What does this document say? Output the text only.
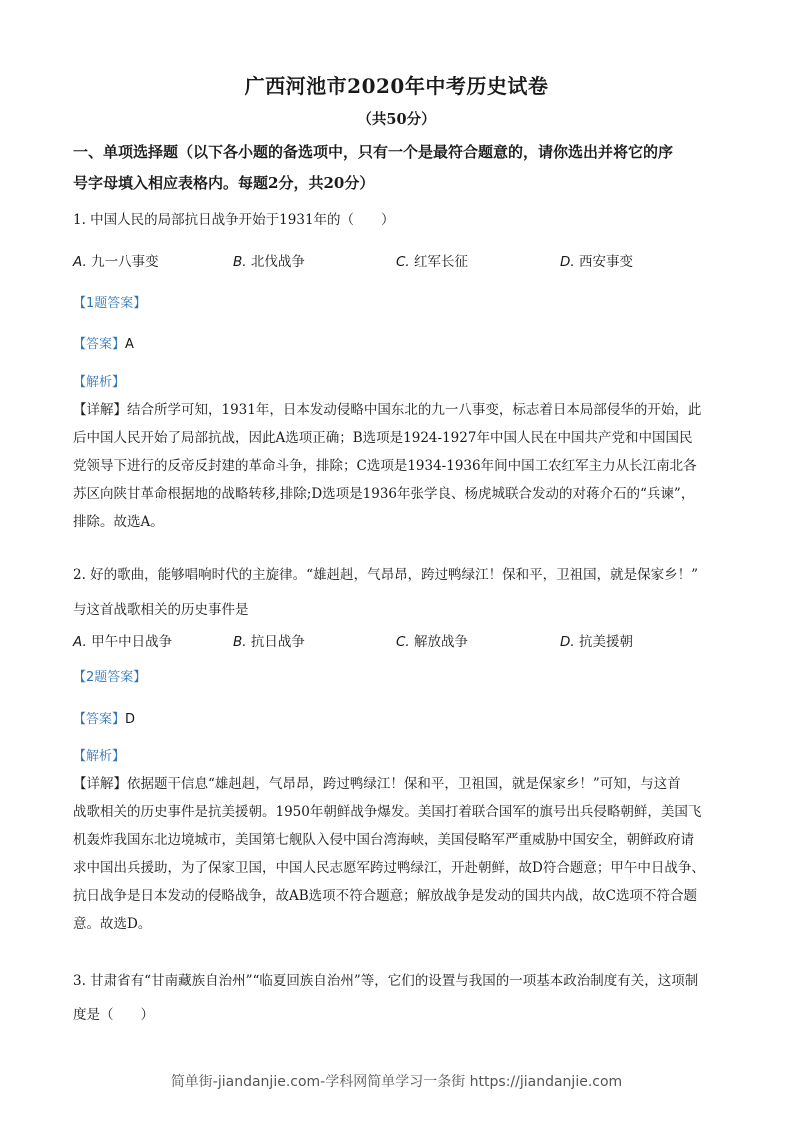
广西河池市2020年中考历史试卷
（共50分）
一、单项选择题（以下各小题的备选项中，只有一个是最符合题意的，请你选出并将它的序
号字母填入相应表格内。每题2分，共20分）
1. 中国人民的局部抗日战争开始于1931年的（　　）
A. 九一八事变	B. 北伐战争	C. 红军长征	D. 西安事变
【1题答案】
【答案】A
【解析】
【详解】结合所学可知，1931年，日本发动侵略中国东北的九一八事变，标志着日本局部侵华的开始，此
后中国人民开始了局部抗战，因此A选项正确；B选项是1924-1927年中国人民在中国共产党和中国国民
党领导下进行的反帝反封建的革命斗争，排除；C选项是1934-1936年间中国工农红军主力从长江南北各
苏区向陕甘革命根据地的战略转移,排除;D选项是1936年张学良、杨虎城联合发动的对蒋介石的“兵谏”，
排除。故选A。
2. 好的歌曲，能够唱响时代的主旋律。“雄赳赳，气昂昂，跨过鸭绿江！保和平，卫祖国，就是保家乡！”
与这首战歌相关的历史事件是
A. 甲午中日战争	B. 抗日战争	C. 解放战争	D. 抗美援朝
【2题答案】
【答案】D
【解析】
【详解】依据题干信息“雄赳赳，气昂昂，跨过鸭绿江！保和平，卫祖国，就是保家乡！”可知，与这首
战歌相关的历史事件是抗美援朝。1950年朝鲜战争爆发。美国打着联合国军的旗号出兵侵略朝鲜，美国飞
机轰炸我国东北边境城市，美国第七舰队入侵中国台湾海峡，美国侵略军严重威胁中国安全，朝鲜政府请
求中国出兵援助，为了保家卫国，中国人民志愿军跨过鸭绿江，开赴朝鲜，故D符合题意；甲午中日战争、
抗日战争是日本发动的侵略战争，故AB选项不符合题意；解放战争是发动的国共内战，故C选项不符合题
意。故选D。
3. 甘肃省有“甘南藏族自治州”“临夏回族自治州”等，它们的设置与我国的一项基本政治制度有关，这项制
度是（　　）
简单街-jiandanjie.com-学科网简单学习一条街 https://jiandanjie.com
